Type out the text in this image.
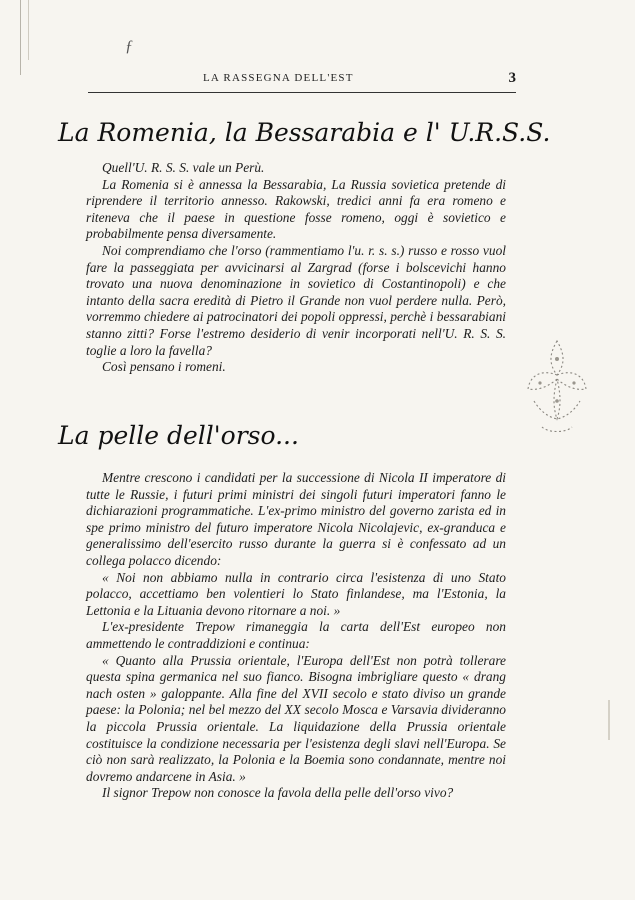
ƒ
LA RASSEGNA DELL'EST	3
La Romenia, la Bessarabia e l' U.R.S.S.

Quell'U. R. S. S. vale un Perù.

La Romenia si è annessa la Bessarabia, La Russia sovietica pretende di riprendere il territorio annesso. Rakowski, tredici anni fa era romeno e riteneva che il paese in questione fosse romeno, oggi è sovietico e probabilmente pensa diversamente.

Noi comprendiamo che l'orso (rammentiamo l'u. r. s. s.) russo e rosso vuol fare la passeggiata per avvicinarsi al Zargrad (forse i bolscevichi hanno trovato una nuova denominazione in sovietico di Costantinopoli) e che intanto della sacra eredità di Pietro il Grande non vuol perdere nulla. Però, vorremmo chiedere ai patrocinatori dei popoli oppressi, perchè i bessarabiani stanno zitti? Forse l'estremo desiderio di venir incorporati nell'U. R. S. S. toglie a loro la favella?

Così pensano i romeni.

La pelle dell'orso...

Mentre crescono i candidati per la successione di Nicola II imperatore di tutte le Russie, i futuri primi ministri dei singoli futuri imperatori fanno le dichiarazioni programmatiche. L'ex-primo ministro del governo zarista ed in spe primo ministro del futuro imperatore Nicola Nicolajevic, ex-granduca e generalissimo dell'esercito russo durante la guerra si è confessato ad un collega polacco dicendo:

« Noi non abbiamo nulla in contrario circa l'esistenza di uno Stato polacco, accettiamo ben volentieri lo Stato finlandese, ma l'Estonia, la Lettonia e la Lituania devono ritornare a noi. »

L'ex-presidente Trepow rimaneggia la carta dell'Est europeo non ammettendo le contraddizioni e continua:

« Quanto alla Prussia orientale, l'Europa dell'Est non potrà tollerare questa spina germanica nel suo fianco. Bisogna imbrigliare questo « drang nach osten » galoppante. Alla fine del XVII secolo e stato diviso un grande paese: la Polonia; nel bel mezzo del XX secolo Mosca e Varsavia divideranno la piccola Prussia orientale. La liquidazione della Prussia orientale costituisce la condizione necessaria per l'esistenza degli slavi nell'Europa. Se ciò non sarà realizzato, la Polonia e la Boemia sono condannate, mentre noi dovremo andarcene in Asia. »

Il signor Trepow non conosce la favola della pelle dell'orso vivo?
